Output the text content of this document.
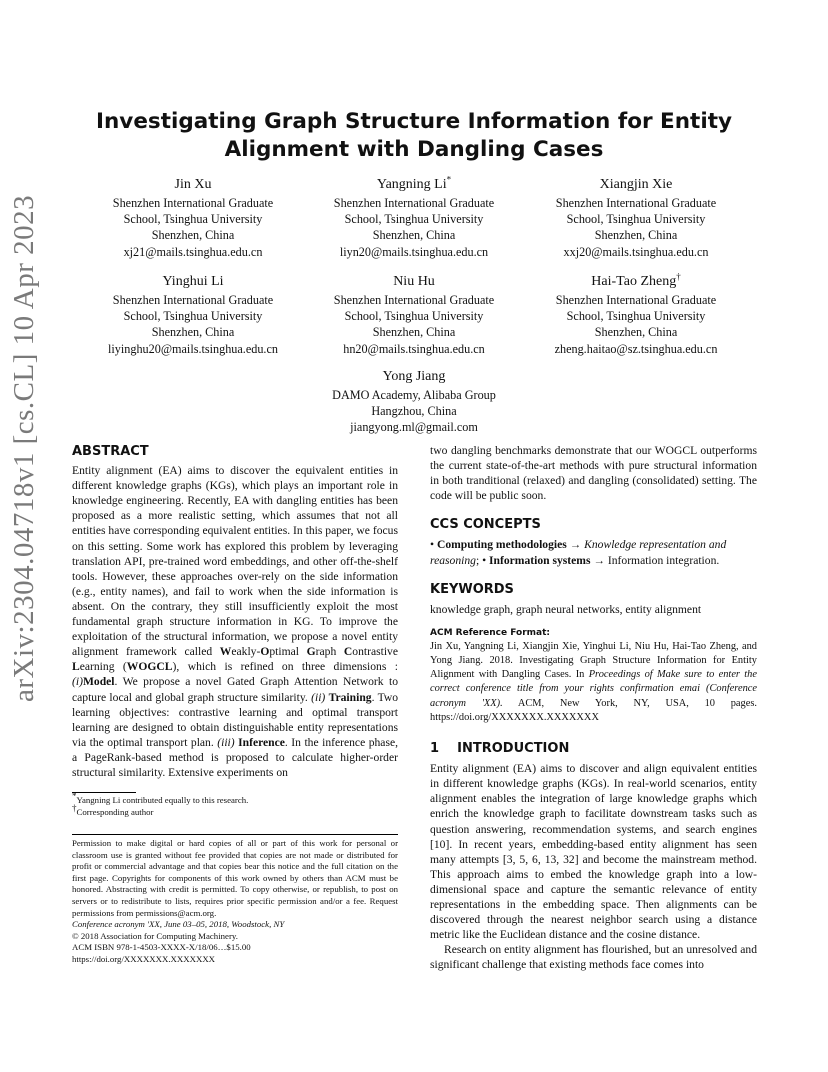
arXiv:2304.04718v1 [cs.CL] 10 Apr 2023
Investigating Graph Structure Information for Entity Alignment with Dangling Cases
Jin Xu
Shenzhen International Graduate
School, Tsinghua University
Shenzhen, China
xj21@mails.tsinghua.edu.cn
Yangning Li*
Shenzhen International Graduate
School, Tsinghua University
Shenzhen, China
liyn20@mails.tsinghua.edu.cn
Xiangjin Xie
Shenzhen International Graduate
School, Tsinghua University
Shenzhen, China
xxj20@mails.tsinghua.edu.cn
Yinghui Li
Shenzhen International Graduate
School, Tsinghua University
Shenzhen, China
liyinghu20@mails.tsinghua.edu.cn
Niu Hu
Shenzhen International Graduate
School, Tsinghua University
Shenzhen, China
hn20@mails.tsinghua.edu.cn
Hai-Tao Zheng†
Shenzhen International Graduate
School, Tsinghua University
Shenzhen, China
zheng.haitao@sz.tsinghua.edu.cn
Yong Jiang
DAMO Academy, Alibaba Group
Hangzhou, China
jiangyong.ml@gmail.com
ABSTRACT

Entity alignment (EA) aims to discover the equivalent entities in different knowledge graphs (KGs), which plays an important role in knowledge engineering. Recently, EA with dangling entities has been proposed as a more realistic setting, which assumes that not all entities have corresponding equivalent entities. In this paper, we focus on this setting. Some work has explored this problem by leveraging translation API, pre-trained word embeddings, and other off-the-shelf tools. However, these approaches over-rely on the side information (e.g., entity names), and fail to work when the side information is absent. On the contrary, they still insufficiently exploit the most fundamental graph structure information in KG. To improve the exploitation of the structural information, we propose a novel entity alignment framework called Weakly-Optimal Graph Contrastive Learning (WOGCL), which is refined on three dimensions : (i)Model. We propose a novel Gated Graph Attention Network to capture local and global graph structure similarity. (ii) Training. Two learning objectives: contrastive learning and optimal transport learning are designed to obtain distinguishable entity representations via the optimal transport plan. (iii) Inference. In the inference phase, a PageRank-based method is proposed to calculate higher-order structural similarity. Extensive experiments on

*Yangning Li contributed equally to this research.
†Corresponding author
Permission to make digital or hard copies of all or part of this work for personal or classroom use is granted without fee provided that copies are not made or distributed for profit or commercial advantage and that copies bear this notice and the full citation on the first page. Copyrights for components of this work owned by others than ACM must be honored. Abstracting with credit is permitted. To copy otherwise, or republish, to post on servers or to redistribute to lists, requires prior specific permission and/or a fee. Request permissions from permissions@acm.org.
Conference acronym 'XX, June 03–05, 2018, Woodstock, NY
© 2018 Association for Computing Machinery.
ACM ISBN 978-1-4503-XXXX-X/18/06…$15.00
https://doi.org/XXXXXXX.XXXXXXX

two dangling benchmarks demonstrate that our WOGCL outperforms the current state-of-the-art methods with pure structural information in both tranditional (relaxed) and dangling (consolidated) setting. The code will be public soon.

CCS CONCEPTS

• Computing methodologies → Knowledge representation and reasoning; • Information systems → Information integration.

KEYWORDS

knowledge graph, graph neural networks, entity alignment

ACM Reference Format:

Jin Xu, Yangning Li, Xiangjin Xie, Yinghui Li, Niu Hu, Hai-Tao Zheng, and Yong Jiang. 2018. Investigating Graph Structure Information for Entity Alignment with Dangling Cases. In Proceedings of Make sure to enter the correct conference title from your rights confirmation emai (Conference acronym 'XX). ACM, New York, NY, USA, 10 pages. https://doi.org/XXXXXXX.XXXXXXX

1 INTRODUCTION

Entity alignment (EA) aims to discover and align equivalent entities in different knowledge graphs (KGs). In real-world scenarios, entity alignment enables the integration of large knowledge graphs which enrich the knowledge graph to facilitate downstream tasks such as question answering, recommendation systems, and search engines [10]. In recent years, embedding-based entity alignment has seen many attempts [3, 5, 6, 13, 32] and become the mainstream method. This approach aims to embed the knowledge graph into a low-dimensional space and capture the semantic relevance of entity representations in the embedding space. Then alignments can be discovered through the nearest neighbor search using a distance metric like the Euclidean distance and the cosine distance.

Research on entity alignment has flourished, but an unresolved and significant challenge that existing methods face comes into
